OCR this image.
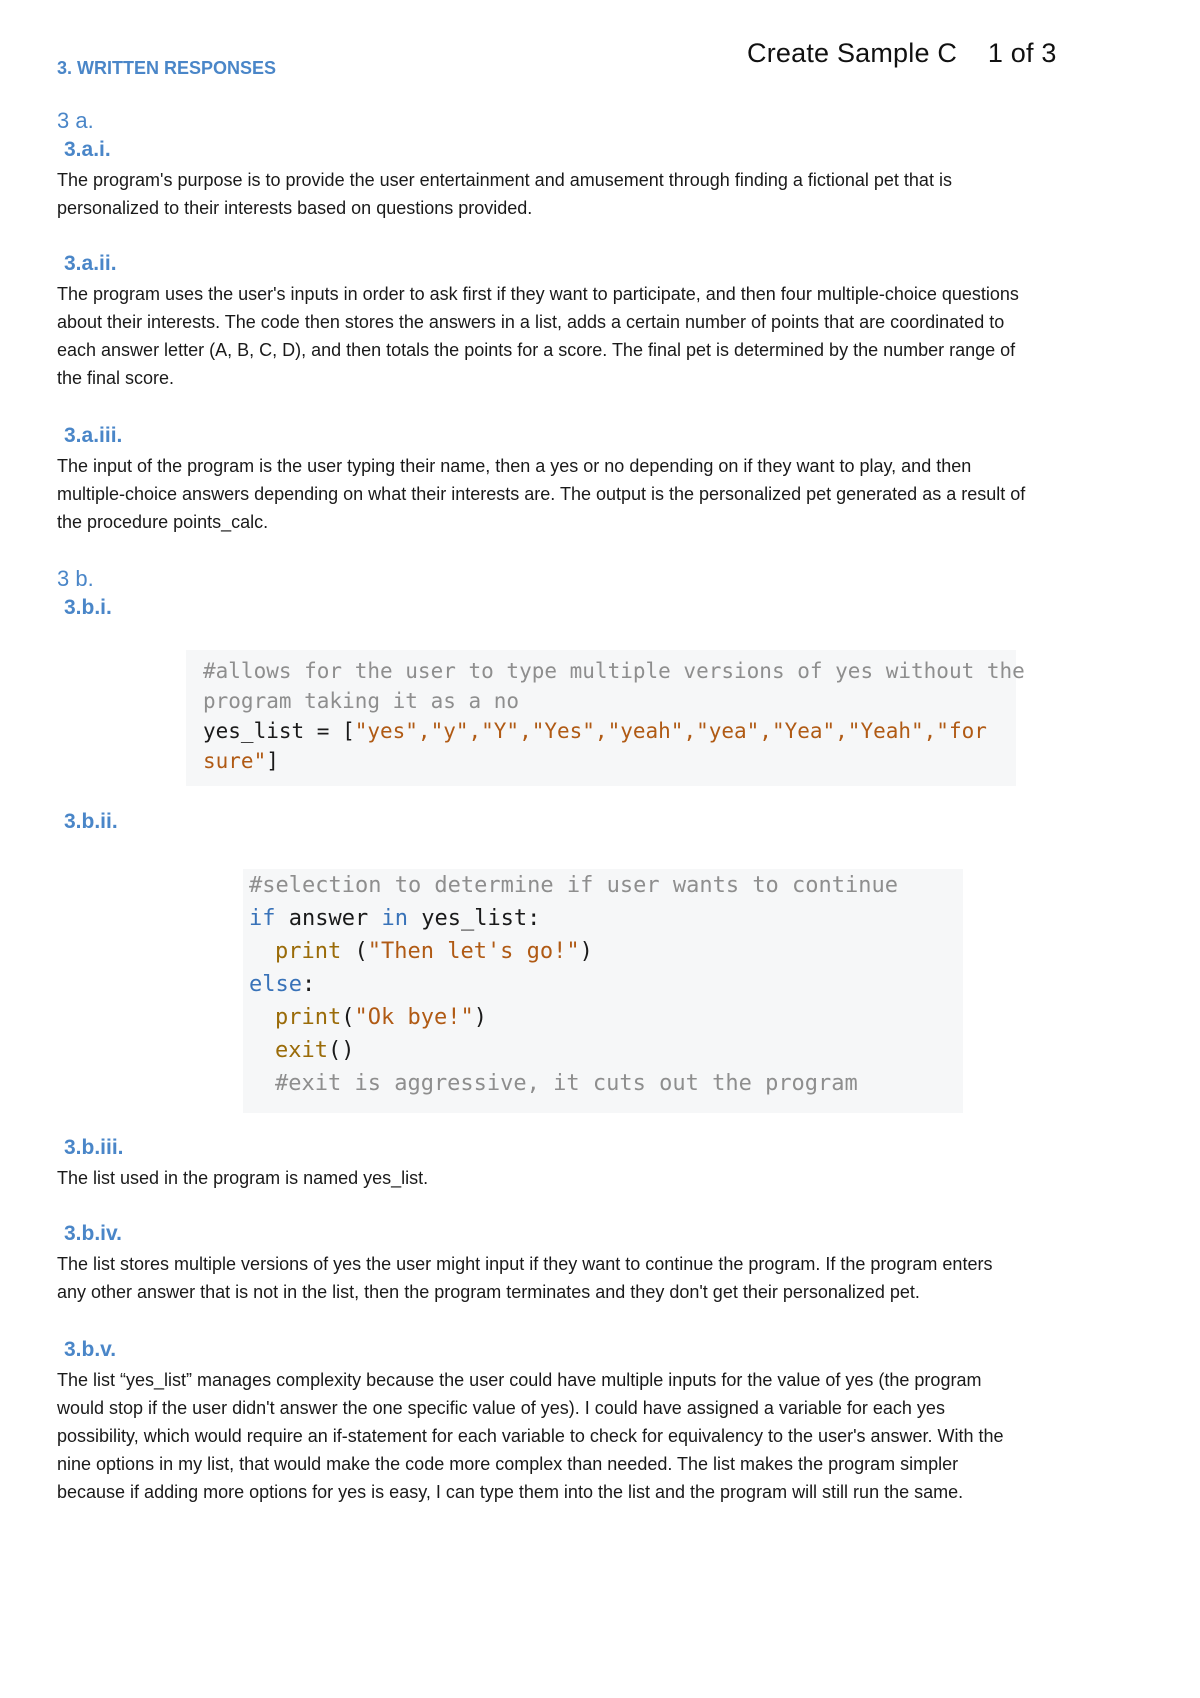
Create Sample C    1 of 3
3. WRITTEN RESPONSES
3 a.
3.a.i.
The program's purpose is to provide the user entertainment and amusement through finding a fictional pet that is
personalized to their interests based on questions provided.
3.a.ii.
The program uses the user's inputs in order to ask first if they want to participate, and then four multiple-choice questions
about their interests. The code then stores the answers in a list, adds a certain number of points that are coordinated to
each answer letter (A, B, C, D), and then totals the points for a score. The final pet is determined by the number range of
the final score.
3.a.iii.
The input of the program is the user typing their name, then a yes or no depending on if they want to play, and then
multiple-choice answers depending on what their interests are. The output is the personalized pet generated as a result of
the procedure points_calc.
3 b.
3.b.i.
#allows for the user to type multiple versions of yes without the
program taking it as a no
yes_list = ["yes","y","Y","Yes","yeah","yea","Yea","Yeah","for
sure"]
3.b.ii.
#selection to determine if user wants to continue
if answer in yes_list:
print ("Then let's go!")
else:
print("Ok bye!")
exit()
#exit is aggressive, it cuts out the program
3.b.iii.
The list used in the program is named yes_list.
3.b.iv.
The list stores multiple versions of yes the user might input if they want to continue the program. If the program enters
any other answer that is not in the list, then the program terminates and they don't get their personalized pet.
3.b.v.
The list “yes_list” manages complexity because the user could have multiple inputs for the value of yes (the program
would stop if the user didn't answer the one specific value of yes). I could have assigned a variable for each yes
possibility, which would require an if-statement for each variable to check for equivalency to the user's answer. With the
nine options in my list, that would make the code more complex than needed. The list makes the program simpler
because if adding more options for yes is easy, I can type them into the list and the program will still run the same.
